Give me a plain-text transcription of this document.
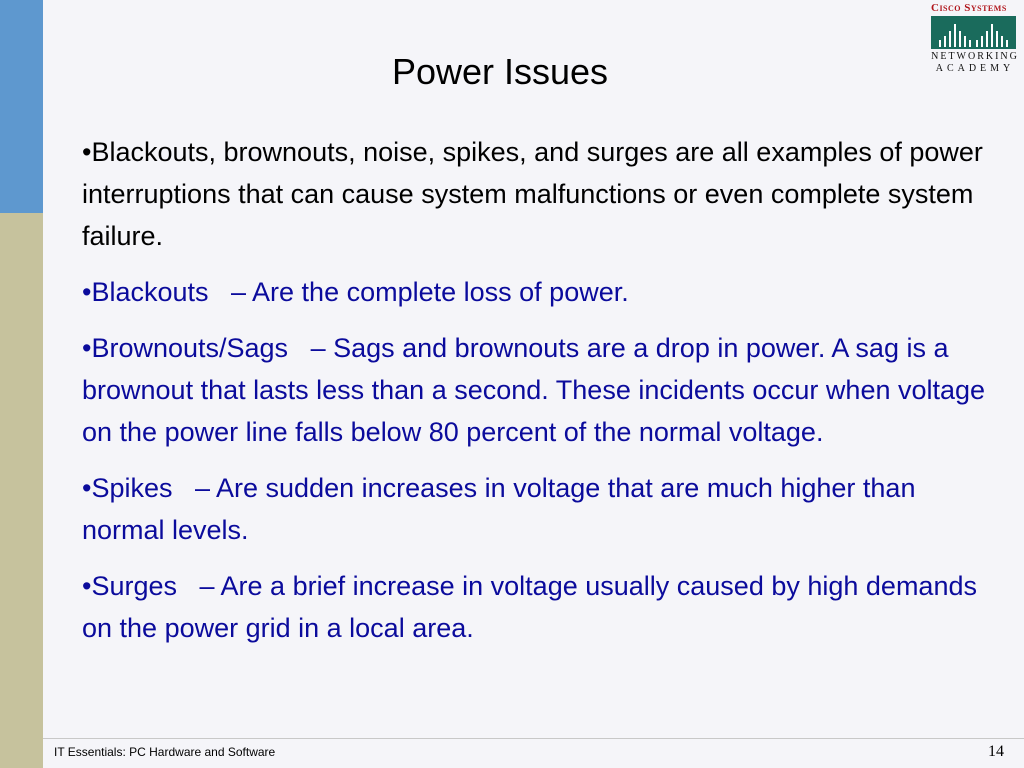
Cisco Systems
NETWORKING
ACADEMY
Power Issues

•Blackouts, brownouts, noise, spikes, and surges are all examples of power interruptions that can cause system malfunctions or even complete system failure.

•Blackouts   – Are the complete loss of power.

•Brownouts/Sags   – Sags and brownouts are a drop in power. A sag is a brownout that lasts less than a second. These incidents occur when voltage on the power line falls below 80 percent of the normal voltage.

•Spikes   – Are sudden increases in voltage that are much higher than normal levels.

•Surges   – Are a brief increase in voltage usually caused by high demands on the power grid in a local area.

IT Essentials: PC Hardware and Software	14
